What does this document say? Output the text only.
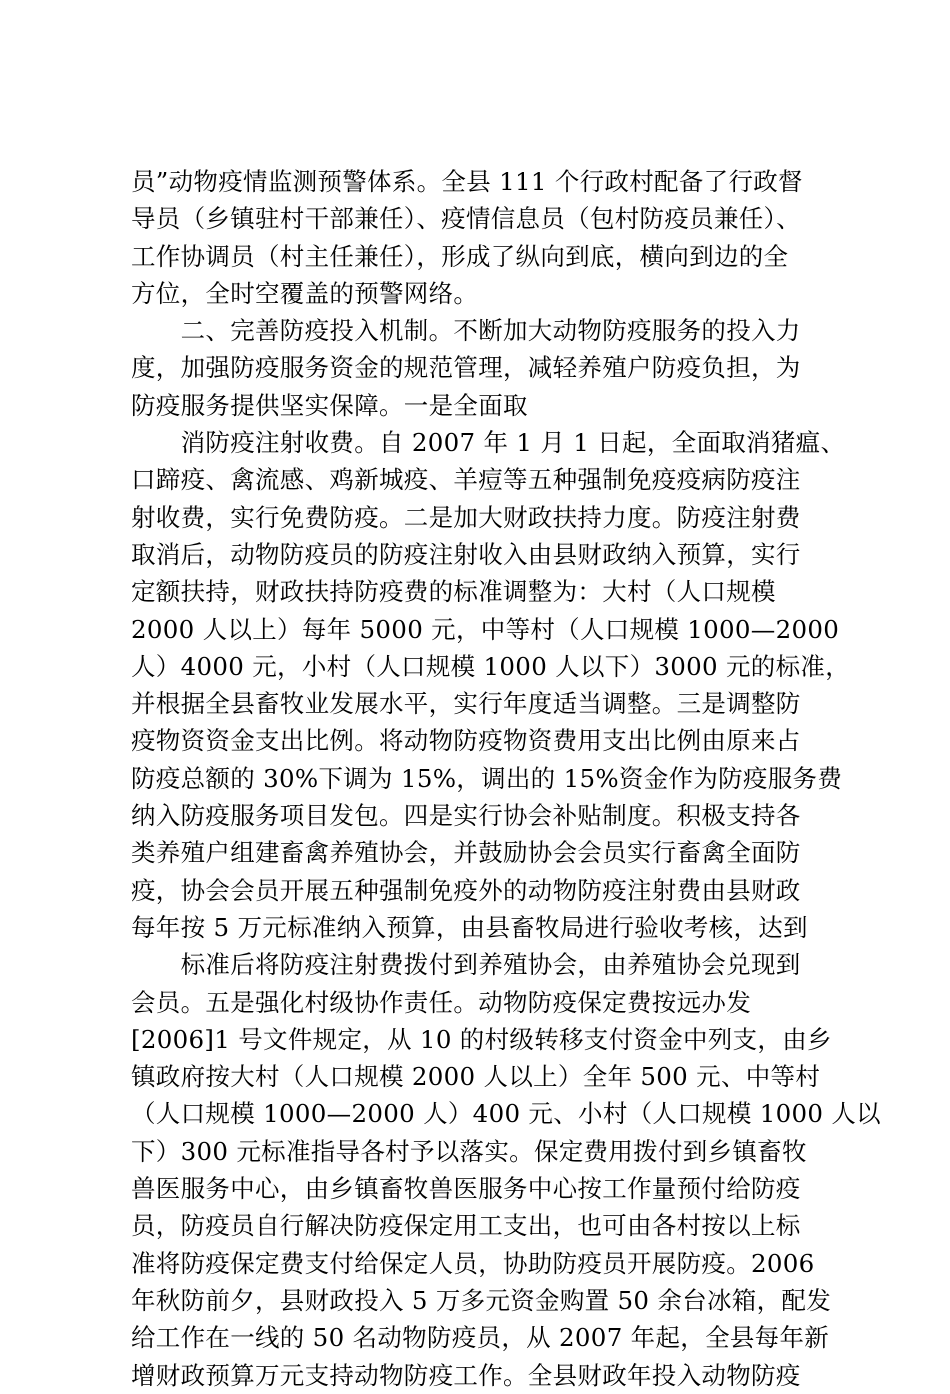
员”动物疫情监测预警体系。全县 111 个行政村配备了行政督
导员（乡镇驻村干部兼任）、疫情信息员（包村防疫员兼任）、
工作协调员（村主任兼任），形成了纵向到底，横向到边的全
方位，全时空覆盖的预警网络。
　　二、完善防疫投入机制。不断加大动物防疫服务的投入力
度，加强防疫服务资金的规范管理，减轻养殖户防疫负担，为
防疫服务提供坚实保障。一是全面取
　　消防疫注射收费。自 2007 年 1 月 1 日起，全面取消猪瘟、
口蹄疫、禽流感、鸡新城疫、羊痘等五种强制免疫疫病防疫注
射收费，实行免费防疫。二是加大财政扶持力度。防疫注射费
取消后，动物防疫员的防疫注射收入由县财政纳入预算，实行
定额扶持，财政扶持防疫费的标准调整为：大村（人口规模
2000 人以上）每年 5000 元，中等村（人口规模 1000—2000
人）4000 元，小村（人口规模 1000 人以下）3000 元的标准，
并根据全县畜牧业发展水平，实行年度适当调整。三是调整防
疫物资资金支出比例。将动物防疫物资费用支出比例由原来占
防疫总额的 30%下调为 15%，调出的 15%资金作为防疫服务费
纳入防疫服务项目发包。四是实行协会补贴制度。积极支持各
类养殖户组建畜禽养殖协会，并鼓励协会会员实行畜禽全面防
疫，协会会员开展五种强制免疫外的动物防疫注射费由县财政
每年按 5 万元标准纳入预算，由县畜牧局进行验收考核，达到
　　标准后将防疫注射费拨付到养殖协会，由养殖协会兑现到
会员。五是强化村级协作责任。动物防疫保定费按远办发
[2006]1 号文件规定，从 10 的村级转移支付资金中列支，由乡
镇政府按大村（人口规模 2000 人以上）全年 500 元、中等村
（人口规模 1000—2000 人）400 元、小村（人口规模 1000 人以
下）300 元标准指导各村予以落实。保定费用拨付到乡镇畜牧
兽医服务中心，由乡镇畜牧兽医服务中心按工作量预付给防疫
员，防疫员自行解决防疫保定用工支出，也可由各村按以上标
准将防疫保定费支付给保定人员，协助防疫员开展防疫。2006
年秋防前夕，县财政投入 5 万多元资金购置 50 余台冰箱，配发
给工作在一线的 50 名动物防疫员，从 2007 年起，全县每年新
增财政预算万元支持动物防疫工作。全县财政年投入动物防疫
